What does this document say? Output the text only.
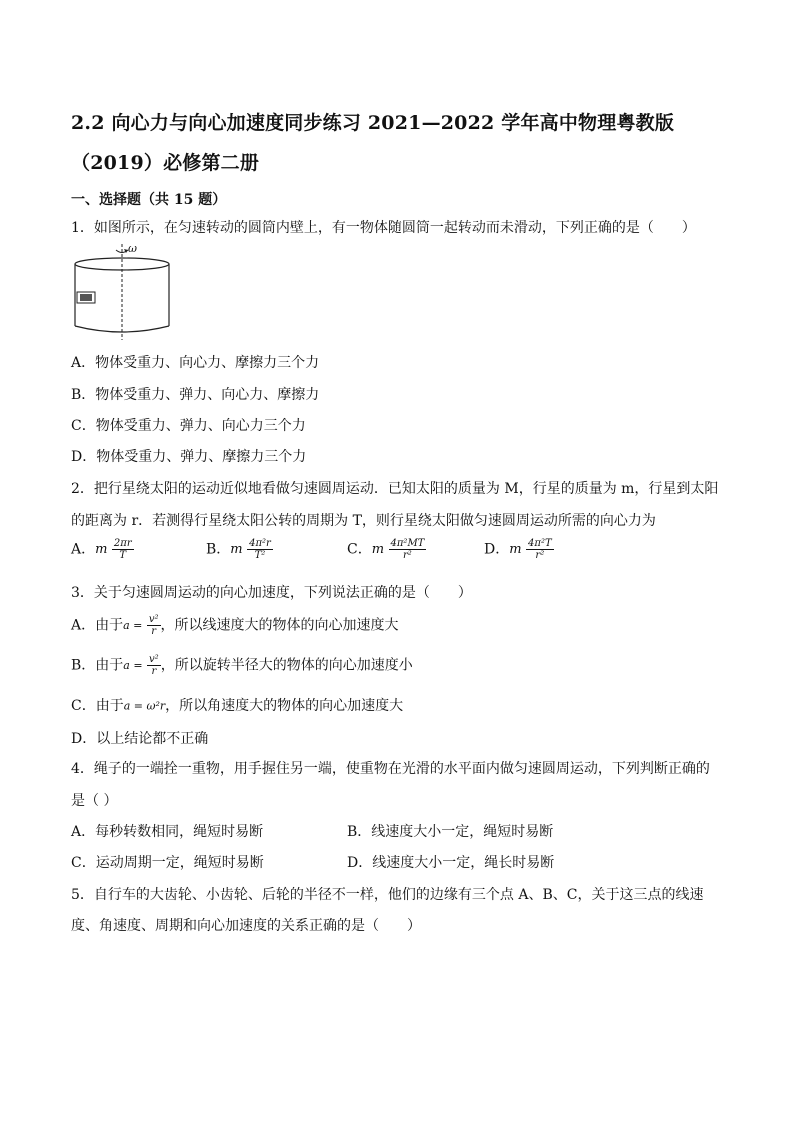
2.2 向心力与向心加速度同步练习 2021—2022 学年高中物理粤教版
（2019）必修第二册
一、选择题（共 15 题）
1．如图所示，在匀速转动的圆筒内壁上，有一物体随圆筒一起转动而未滑动，下列正确的是（　　）
ω
A．物体受重力、向心力、摩擦力三个力
B．物体受重力、弹力、向心力、摩擦力
C．物体受重力、弹力、向心力三个力
D．物体受重力、弹力、摩擦力三个力
2．把行星绕太阳的运动近似地看做匀速圆周运动．已知太阳的质量为 M，行星的质量为 m，行星到太阳
的距离为 r．若测得行星绕太阳公转的周期为 T，则行星绕太阳做匀速圆周运动所需的向心力为
A．m $\frac{2\pi r}{T}$	B．m $\frac{\text{4π²r}}{\text{T²}}$	C．m $\frac{\text{4π²MT}}{\text{r²}}$	D．m $\frac{\text{4π²T}}{\text{r²}}$
3．关于匀速圆周运动的向心加速度，下列说法正确的是（　　）
A．由于$a = \frac{\text{v²}}{r}$ ，所以线速度大的物体的向心加速度大
B．由于$a = \frac{\text{v²}}{r}$ ，所以旋转半径大的物体的向心加速度小
C．由于a = ω²r，所以角速度大的物体的向心加速度大
D．以上结论都不正确
4．绳子的一端拴一重物，用手握住另一端，使重物在光滑的水平面内做匀速圆周运动，下列判断正确的
是（ ）
A．每秒转数相同，绳短时易断	B．线速度大小一定，绳短时易断
C．运动周期一定，绳短时易断	D．线速度大小一定，绳长时易断
5．自行车的大齿轮、小齿轮、后轮的半径不一样，他们的边缘有三个点 A、B、C，关于这三点的线速
度、角速度、周期和向心加速度的关系正确的是（　　）
